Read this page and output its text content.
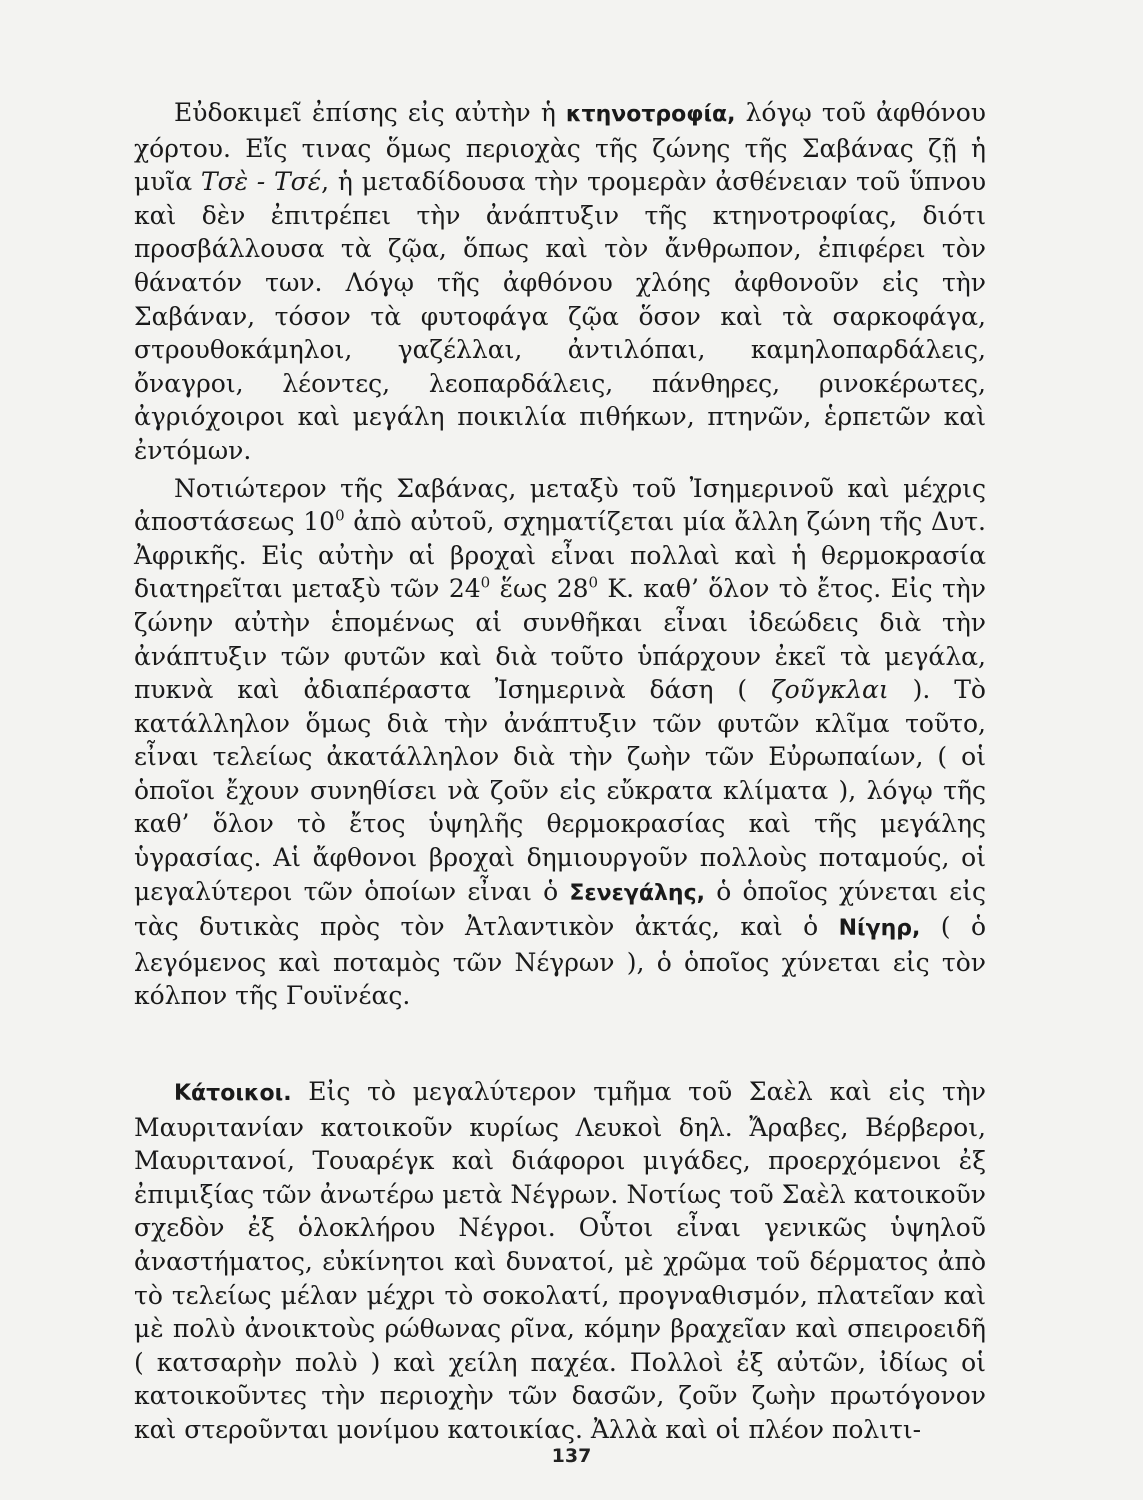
Εὐδοκιμεῖ ἐπίσης εἰς αὐτὴν ἡ κτηνοτροφία, λόγῳ τοῦ ἀφθόνου χόρτου. Εἴς τινας ὅμως περιοχὰς τῆς ζώνης τῆς Σαβάνας ζῇ ἡ μυῖα Τσὲ - Τσέ, ἡ μεταδίδουσα τὴν τρομερὰν ἀσθένειαν τοῦ ὕπνου καὶ δὲν ἐπιτρέπει τὴν ἀνάπτυξιν τῆς κτηνοτροφίας, διότι προσβάλλουσα τὰ ζῷα, ὅπως καὶ τὸν ἄνθρωπον, ἐπιφέρει τὸν θάνατόν των. Λόγῳ τῆς ἀφθόνου χλόης ἀφθονοῦν εἰς τὴν Σαβάναν, τόσον τὰ φυτοφάγα ζῷα ὅσον καὶ τὰ σαρκοφάγα, στρουθοκάμηλοι, γαζέλλαι, ἀντιλόπαι, καμηλοπαρδάλεις, ὄναγροι, λέοντες, λεοπαρδάλεις, πάνθηρες, ρινοκέρωτες, ἀγριόχοιροι καὶ μεγάλη ποικιλία πιθήκων, πτηνῶν, ἑρπετῶν καὶ ἐντόμων.

Νοτιώτερον τῆς Σαβάνας, μεταξὺ τοῦ Ἰσημερινοῦ καὶ μέχρις ἀποστάσεως $10^0$ ἀπὸ αὐτοῦ, σχηματίζεται μία ἄλλη ζώνη τῆς Δυτ. Ἀφρικῆς. Εἰς αὐτὴν αἱ βροχαὶ εἶναι πολλαὶ καὶ ἡ θερμοκρασία διατηρεῖται μεταξὺ τῶν $24^0$ ἕως $28^0$ Κ. καθ’ ὅλον τὸ ἔτος. Εἰς τὴν ζώνην αὐτὴν ἑπομένως αἱ συνθῆκαι εἶναι ἰδεώδεις διὰ τὴν ἀνάπτυξιν τῶν φυτῶν καὶ διὰ τοῦτο ὑπάρχουν ἐκεῖ τὰ μεγάλα, πυκνὰ καὶ ἀδιαπέραστα Ἰσημερινὰ δάση ( ζοῦγκλαι ). Τὸ κατάλληλον ὅμως διὰ τὴν ἀνάπτυξιν τῶν φυτῶν κλῖμα τοῦτο, εἶναι τελείως ἀκατάλληλον διὰ τὴν ζωὴν τῶν Εὐρωπαίων, ( οἱ ὁποῖοι ἔχουν συνηθίσει νὰ ζοῦν εἰς εὔκρατα κλίματα ), λόγῳ τῆς καθ’ ὅλον τὸ ἔτος ὑψηλῆς θερμοκρασίας καὶ τῆς μεγάλης ὑγρασίας. Αἱ ἄφθονοι βροχαὶ δημιουργοῦν πολλοὺς ποταμούς, οἱ μεγαλύτεροι τῶν ὁποίων εἶναι ὁ Σενεγάλης, ὁ ὁποῖος χύνεται εἰς τὰς δυτικὰς πρὸς τὸν Ἀτλαντικὸν ἀκτάς, καὶ ὁ Νίγηρ, ( ὁ λεγόμενος καὶ ποταμὸς τῶν Νέγρων ), ὁ ὁποῖος χύνεται εἰς τὸν κόλπον τῆς Γουϊνέας.

Κάτοικοι. Εἰς τὸ μεγαλύτερον τμῆμα τοῦ Σαὲλ καὶ εἰς τὴν Μαυριτανίαν κατοικοῦν κυρίως Λευκοὶ δηλ. Ἄραβες, Βέρβεροι, Μαυριτανοί, Τουαρέγκ καὶ διάφοροι μιγάδες, προερχόμενοι ἐξ ἐπιμιξίας τῶν ἀνωτέρω μετὰ Νέγρων. Νοτίως τοῦ Σαὲλ κατοικοῦν σχεδὸν ἐξ ὁλοκλήρου Νέγροι. Οὗτοι εἶναι γενικῶς ὑψηλοῦ ἀναστήματος, εὐκίνητοι καὶ δυνατοί, μὲ χρῶμα τοῦ δέρματος ἀπὸ τὸ τελείως μέλαν μέχρι τὸ σοκολατί, προγναθισμόν, πλατεῖαν καὶ μὲ πολὺ ἀνοικτοὺς ρώθωνας ρῖνα, κόμην βραχεῖαν καὶ σπειροειδῆ ( κατσαρὴν πολὺ ) καὶ χείλη παχέα. Πολλοὶ ἐξ αὐτῶν, ἰδίως οἱ κατοικοῦντες τὴν περιοχὴν τῶν δασῶν, ζοῦν ζωὴν πρωτόγονον καὶ στεροῦνται μονίμου κατοικίας. Ἀλλὰ καὶ οἱ πλέον πολιτι-

137
